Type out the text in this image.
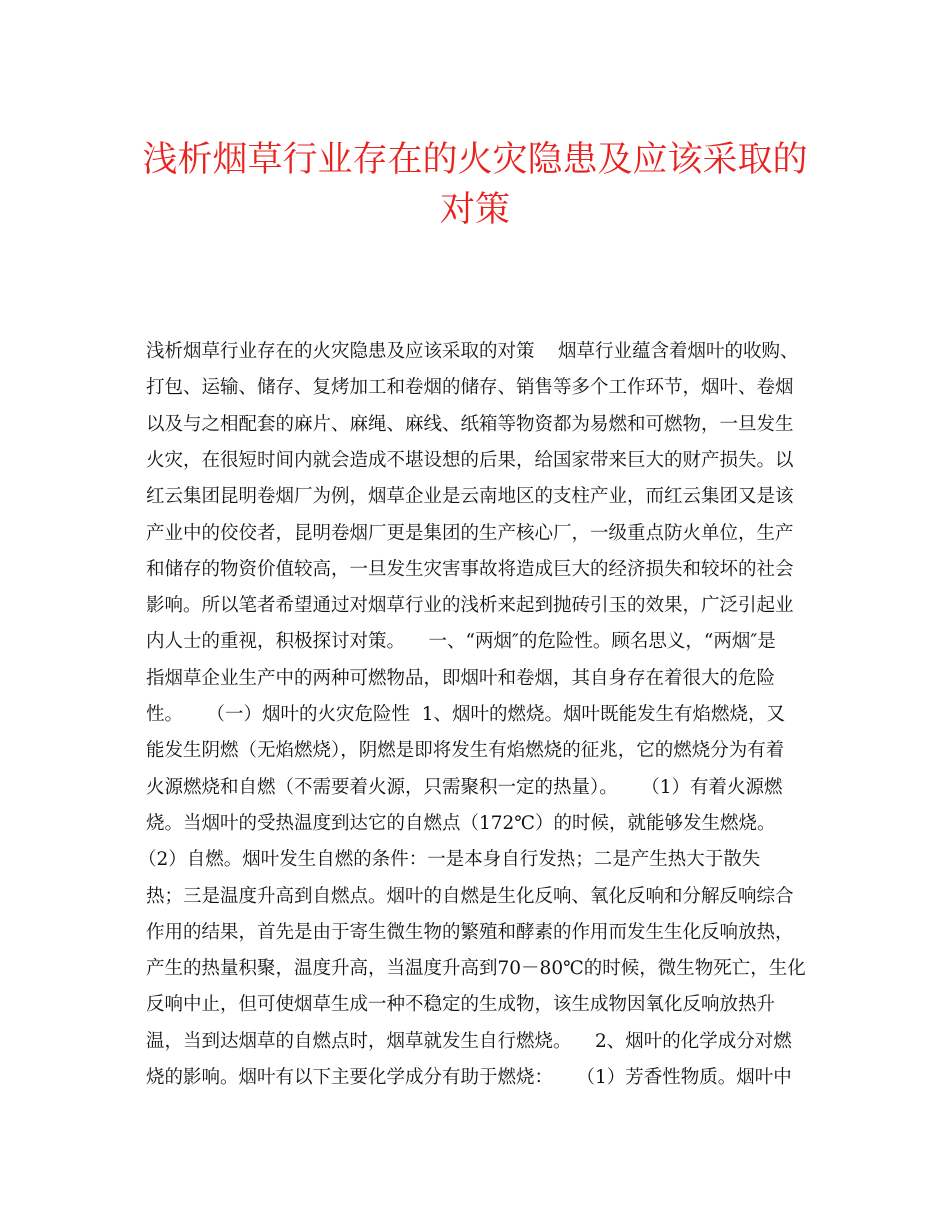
浅析烟草行业存在的火灾隐患及应该采取的
对策
浅析烟草行业存在的火灾隐患及应该采取的对策    烟草行业蕴含着烟叶的收购、
打包、运输、储存、复烤加工和卷烟的储存、销售等多个工作环节，烟叶、卷烟
以及与之相配套的麻片、麻绳、麻线、纸箱等物资都为易燃和可燃物，一旦发生
火灾，在很短时间内就会造成不堪设想的后果，给国家带来巨大的财产损失。以
红云集团昆明卷烟厂为例，烟草企业是云南地区的支柱产业，而红云集团又是该
产业中的佼佼者，昆明卷烟厂更是集团的生产核心厂，一级重点防火单位，生产
和储存的物资价值较高，一旦发生灾害事故将造成巨大的经济损失和较坏的社会
影响。所以笔者希望通过对烟草行业的浅析来起到抛砖引玉的效果，广泛引起业
内人士的重视，积极探讨对策。    一、“两烟″的危险性。顾名思义，“两烟″是
指烟草企业生产中的两种可燃物品，即烟叶和卷烟，其自身存在着很大的危险
性。    （一）烟叶的火灾危险性  1、烟叶的燃烧。烟叶既能发生有焰燃烧，又
能发生阴燃（无焰燃烧），阴燃是即将发生有焰燃烧的征兆，它的燃烧分为有着
火源燃烧和自燃（不需要着火源，只需聚积一定的热量）。    （1）有着火源燃
烧。当烟叶的受热温度到达它的自燃点（172℃）的时候，就能够发生燃烧。
（2）自燃。烟叶发生自燃的条件：一是本身自行发热；二是产生热大于散失
热；三是温度升高到自燃点。烟叶的自燃是生化反响、氧化反响和分解反响综合
作用的结果，首先是由于寄生微生物的繁殖和酵素的作用而发生生化反响放热，
产生的热量积聚，温度升高，当温度升高到70－80℃的时候，微生物死亡，生化
反响中止，但可使烟草生成一种不稳定的生成物，该生成物因氧化反响放热升
温，当到达烟草的自燃点时，烟草就发生自行燃烧。    2、烟叶的化学成分对燃
烧的影响。烟叶有以下主要化学成分有助于燃烧：    （1）芳香性物质。烟叶中
